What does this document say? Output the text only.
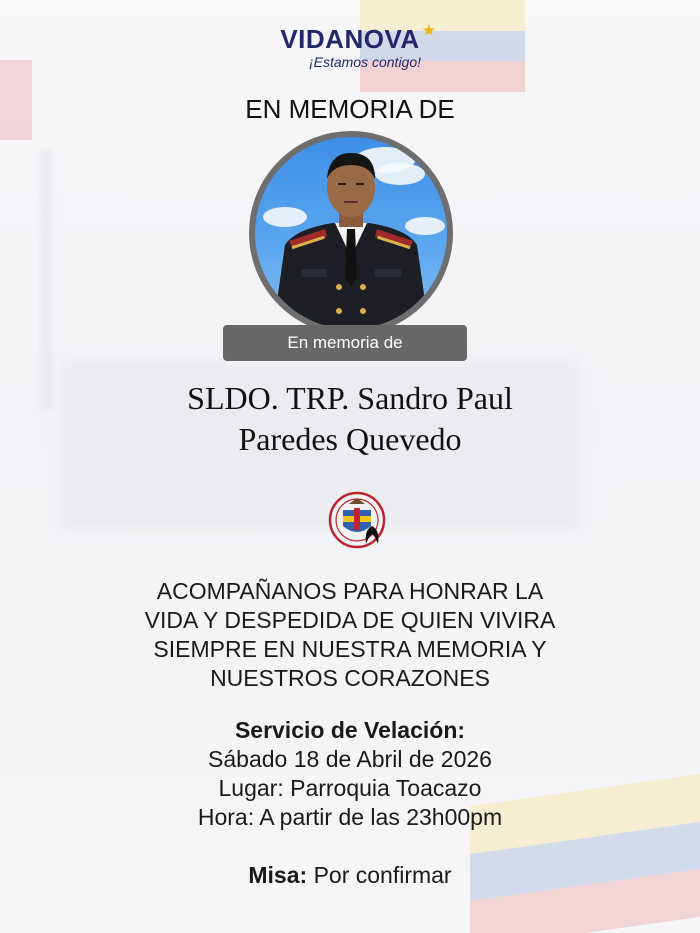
VIDANOVA ★
¡Estamos contigo!
EN MEMORIA DE
En memoria de
SLDO. TRP. Sandro Paul
Paredes Quevedo
ACOMPAÑANOS PARA HONRAR LA
VIDA Y DESPEDIDA DE QUIEN VIVIRA
SIEMPRE EN NUESTRA MEMORIA Y
NUESTROS CORAZONES
Servicio de Velación:
Sábado 18 de Abril de 2026
Lugar: Parroquia Toacazo
Hora: A partir de las 23h00pm
Misa: Por confirmar
